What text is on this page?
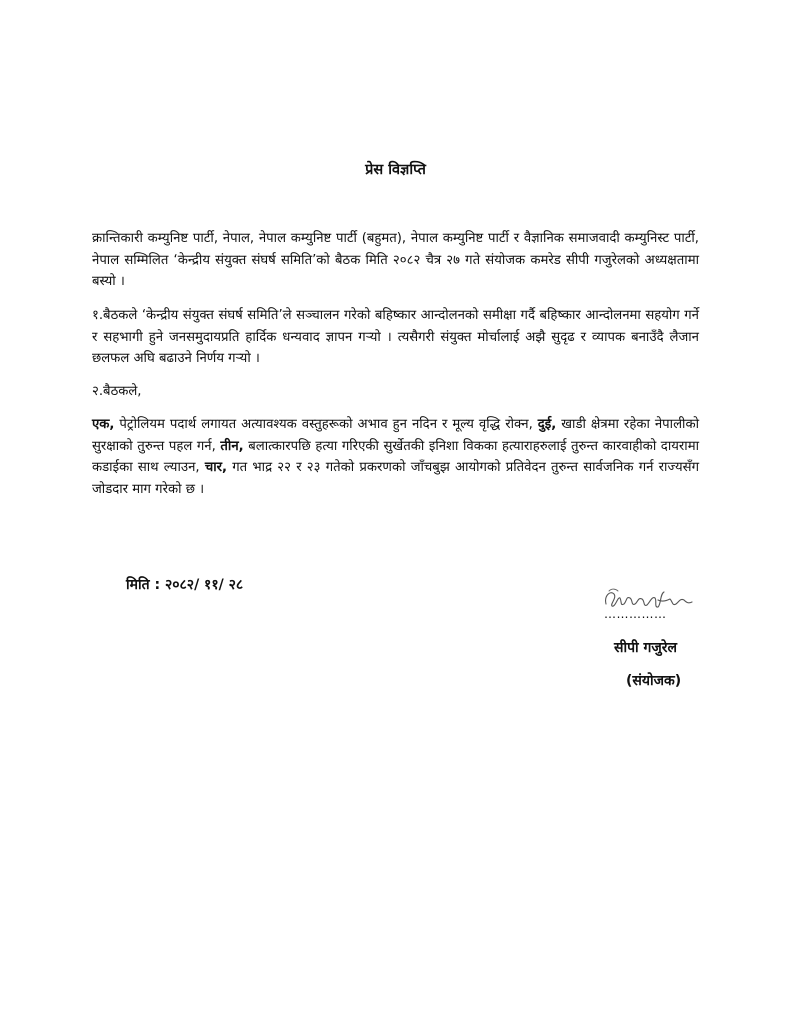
प्रेस विज्ञप्ति

क्रान्तिकारी कम्युनिष्ट पार्टी, नेपाल, नेपाल कम्युनिष्ट पार्टी (बहुमत), नेपाल कम्युनिष्ट पार्टी र वैज्ञानिक समाजवादी कम्युनिस्ट पार्टी, नेपाल सम्मिलित ‘केन्द्रीय संयुक्त संघर्ष समिति’को बैठक मिति २०८२ चैत्र २७ गते संयोजक कमरेड सीपी गजुरेलको अध्यक्षतामा बस्यो ।

१.बैठकले ‘केन्द्रीय संयुक्त संघर्ष समिति’ले सञ्चालन गरेको बहिष्कार आन्दोलनको समीक्षा गर्दै बहिष्कार आन्दोलनमा सहयोग गर्ने र सहभागी हुने जनसमुदायप्रति हार्दिक धन्यवाद ज्ञापन गऱ्यो । त्यसैगरी संयुक्त मोर्चालाई अझै सुदृढ र व्यापक बनाउँदै लैजान छलफल अघि बढाउने निर्णय गऱ्यो ।

२.बैठकले,

एक, पेट्रोलियम पदार्थ लगायत अत्यावश्यक वस्तुहरूको अभाव हुन नदिन र मूल्य वृद्धि रोक्न, दुई, खाडी क्षेत्रमा रहेका नेपालीको सुरक्षाको तुरुन्त पहल गर्न, तीन, बलात्कारपछि हत्या गरिएकी सुर्खेतकी इनिशा विकका हत्याराहरुलाई तुरुन्त कारवाहीको दायरामा कडाईका साथ ल्याउन, चार, गत भाद्र २२ र २३ गतेको प्रकरणको जाँचबुझ आयोगको प्रतिवेदन तुरुन्त सार्वजनिक गर्न राज्यसँग जोडदार माग गरेको छ ।

मिति : २०८२/ ११/ २८
……………
सीपी गजुरेल
(संयोजक)
